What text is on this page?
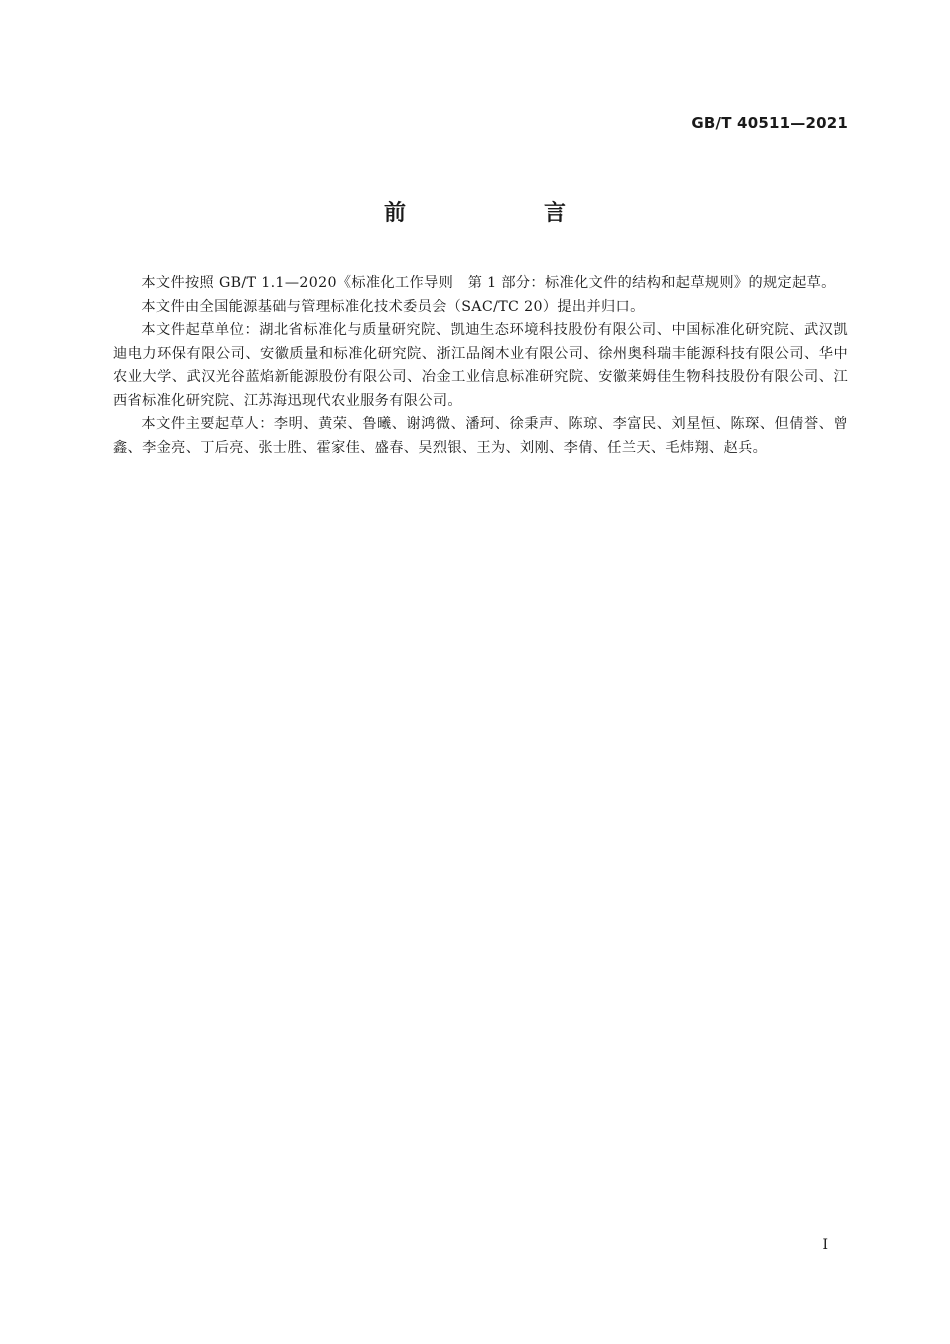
GB/T 40511—2021
前　言

本文件按照 GB/T 1.1—2020《标准化工作导则　第 1 部分：标准化文件的结构和起草规则》的规定起草。

本文件由全国能源基础与管理标准化技术委员会（SAC/TC 20）提出并归口。

本文件起草单位：湖北省标准化与质量研究院、凯迪生态环境科技股份有限公司、中国标准化研究院、武汉凯迪电力环保有限公司、安徽质量和标准化研究院、浙江品阁木业有限公司、徐州奥科瑞丰能源科技有限公司、华中农业大学、武汉光谷蓝焰新能源股份有限公司、冶金工业信息标准研究院、安徽莱姆佳生物科技股份有限公司、江西省标准化研究院、江苏海迅现代农业服务有限公司。

本文件主要起草人：李明、黄荣、鲁曦、谢鸿微、潘珂、徐秉声、陈琼、李富民、刘星恒、陈琛、但倩誉、曾鑫、李金亮、丁后亮、张士胜、霍家佳、盛春、吴烈银、王为、刘刚、李倩、任兰天、毛炜翔、赵兵。

I
